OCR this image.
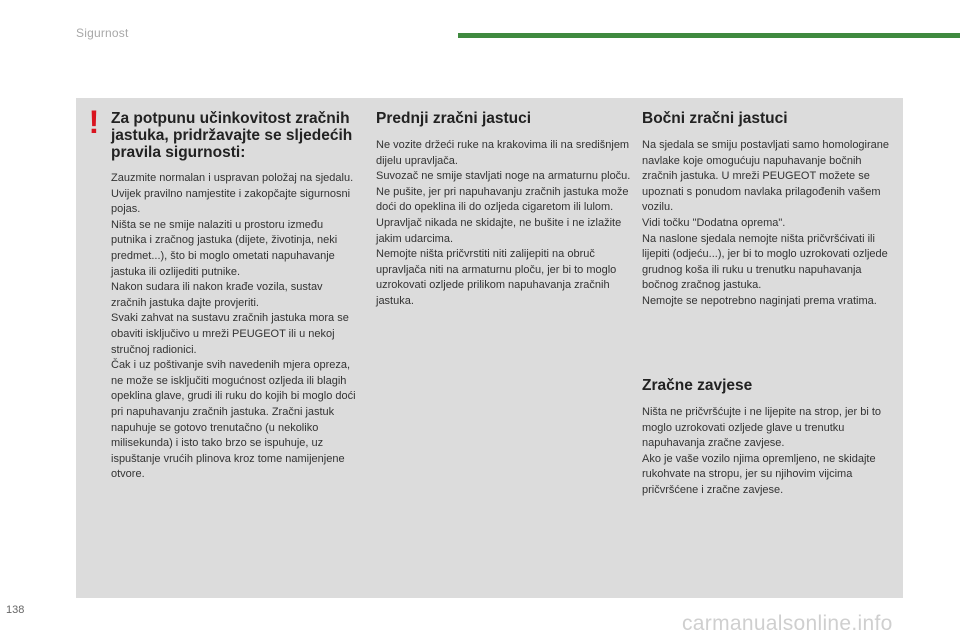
Sigurnost
! Za potpunu učinkovitost zračnih jastuka, pridržavajte se sljedećih pravila sigurnosti:

Zauzmite normalan i uspravan položaj na sjedalu.

Uvijek pravilno namjestite i zakopčajte sigurnosni pojas.

Ništa se ne smije nalaziti u prostoru između putnika i zračnog jastuka (dijete, životinja, neki predmet...), što bi moglo ometati napuhavanje jastuka ili ozlijediti putnike.

Nakon sudara ili nakon krađe vozila, sustav zračnih jastuka dajte provjeriti.

Svaki zahvat na sustavu zračnih jastuka mora se obaviti isključivo u mreži PEUGEOT ili u nekoj stručnoj radionici.

Čak i uz poštivanje svih navedenih mjera opreza, ne može se isključiti mogućnost ozljeda ili blagih opeklina glave, grudi ili ruku do kojih bi moglo doći pri napuhavanju zračnih jastuka. Zračni jastuk napuhuje se gotovo trenutačno (u nekoliko milisekunda) i isto tako brzo se ispuhuje, uz ispuštanje vrućih plinova kroz tome namijenjene otvore.

Prednji zračni jastuci

Ne vozite držeći ruke na krakovima ili na središnjem dijelu upravljača.

Suvozač ne smije stavljati noge na armaturnu ploču.

Ne pušite, jer pri napuhavanju zračnih jastuka može doći do opeklina ili do ozljeda cigaretom ili lulom.

Upravljač nikada ne skidajte, ne bušite i ne izlažite jakim udarcima.

Nemojte ništa pričvrstiti niti zalijepiti na obruč upravljača niti na armaturnu ploču, jer bi to moglo uzrokovati ozljede prilikom napuhavanja zračnih jastuka.

Bočni zračni jastuci

Na sjedala se smiju postavljati samo homologirane navlake koje omogućuju napuhavanje bočnih zračnih jastuka. U mreži PEUGEOT možete se upoznati s ponudom navlaka prilagođenih vašem vozilu.

Vidi točku "Dodatna oprema".

Na naslone sjedala nemojte ništa pričvršćivati ili lijepiti (odjeću...), jer bi to moglo uzrokovati ozljede grudnog koša ili ruku u trenutku napuhavanja bočnog zračnog jastuka.

Nemojte se nepotrebno naginjati prema vratima.

Zračne zavjese

Ništa ne pričvršćujte i ne lijepite na strop, jer bi to moglo uzrokovati ozljede glave u trenutku napuhavanja zračne zavjese.

Ako je vaše vozilo njima opremljeno, ne skidajte rukohvate na stropu, jer su njihovim vijcima pričvršćene i zračne zavjese.

138
carmanualsonline.info
